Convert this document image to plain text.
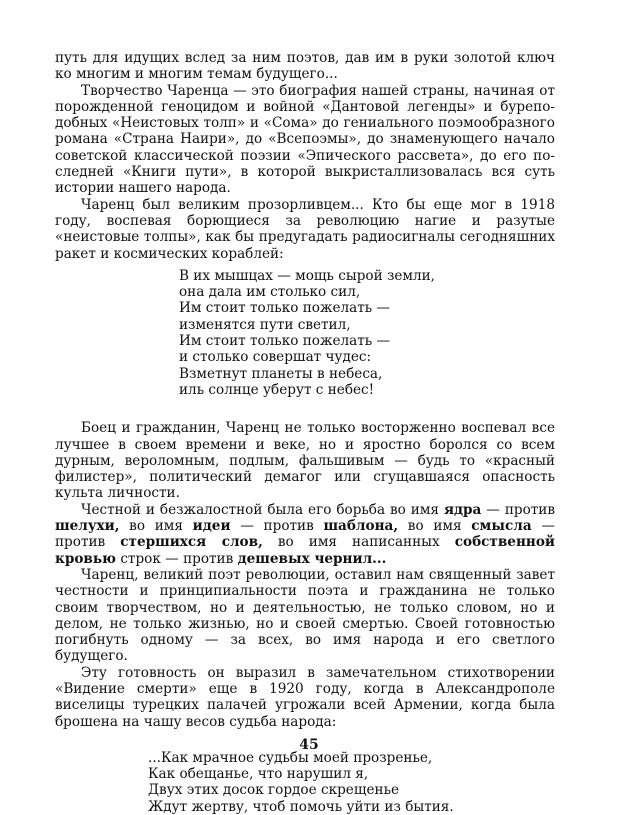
путь для идущих вслед за ним поэтов, дав им в руки золотой ключ ко многим и многим темам будущего...

Творчество Чаренца — это биография нашей страны, начиная от порожденной геноцидом и войной «Дантовой легенды» и буреподобных «Неистовых толп» и «Сома» до гениального поэмообразного романа «Страна Наири», до «Всепоэмы», до знаменующего начало советской классической поэзии «Эпического рассвета», до его последней «Книги пути», в которой выкристаллизовалась вся суть истории нашего народа.

Чаренц был великим прозорливцем... Кто бы еще мог в 1918 году, воспевая борющиеся за революцию нагие и разутые «неистовые толпы», как бы предугадать радиосигналы сегодняшних ракет и космических кораблей:

В их мышцах — мощь сырой земли,
она дала им столько сил,
Им стоит только пожелать —
изменятся пути светил,
Им стоит только пожелать —
и столько совершат чудес:
Взметнут планеты в небеса,
иль солнце уберут с небес!

Боец и гражданин, Чаренц не только восторженно воспевал все лучшее в своем времени и веке, но и яростно боролся со всем дурным, вероломным, подлым, фальшивым — будь то «красный филистер», политический демагог или сгущавшаяся опасность культа личности.

Честной и безжалостной была его борьба во имя ядра — против шелухи, во имя идеи — против шаблона, во имя смысла — против стершихся слов, во имя написанных собственной кровью строк — против дешевых чернил...

Чаренц, великий поэт революции, оставил нам священный завет честности и принципиальности поэта и гражданина не только своим творчеством, но и деятельностью, не только словом, но и делом, не только жизнью, но и своей смертью. Своей готовностью погибнуть одному — за всех, во имя народа и его светлого будущего.

Эту готовность он выразил в замечательном стихотворении «Видение смерти» еще в 1920 году, когда в Александрополе виселицы турецких палачей угрожали всей Армении, когда была брошена на чашу весов судьба народа:

...Как мрачное судьбы моей прозренье,
Как обещанье, что нарушил я,
Двух этих досок гордое скрещенье
Ждут жертву, чтоб помочь уйти из бытия.
45
